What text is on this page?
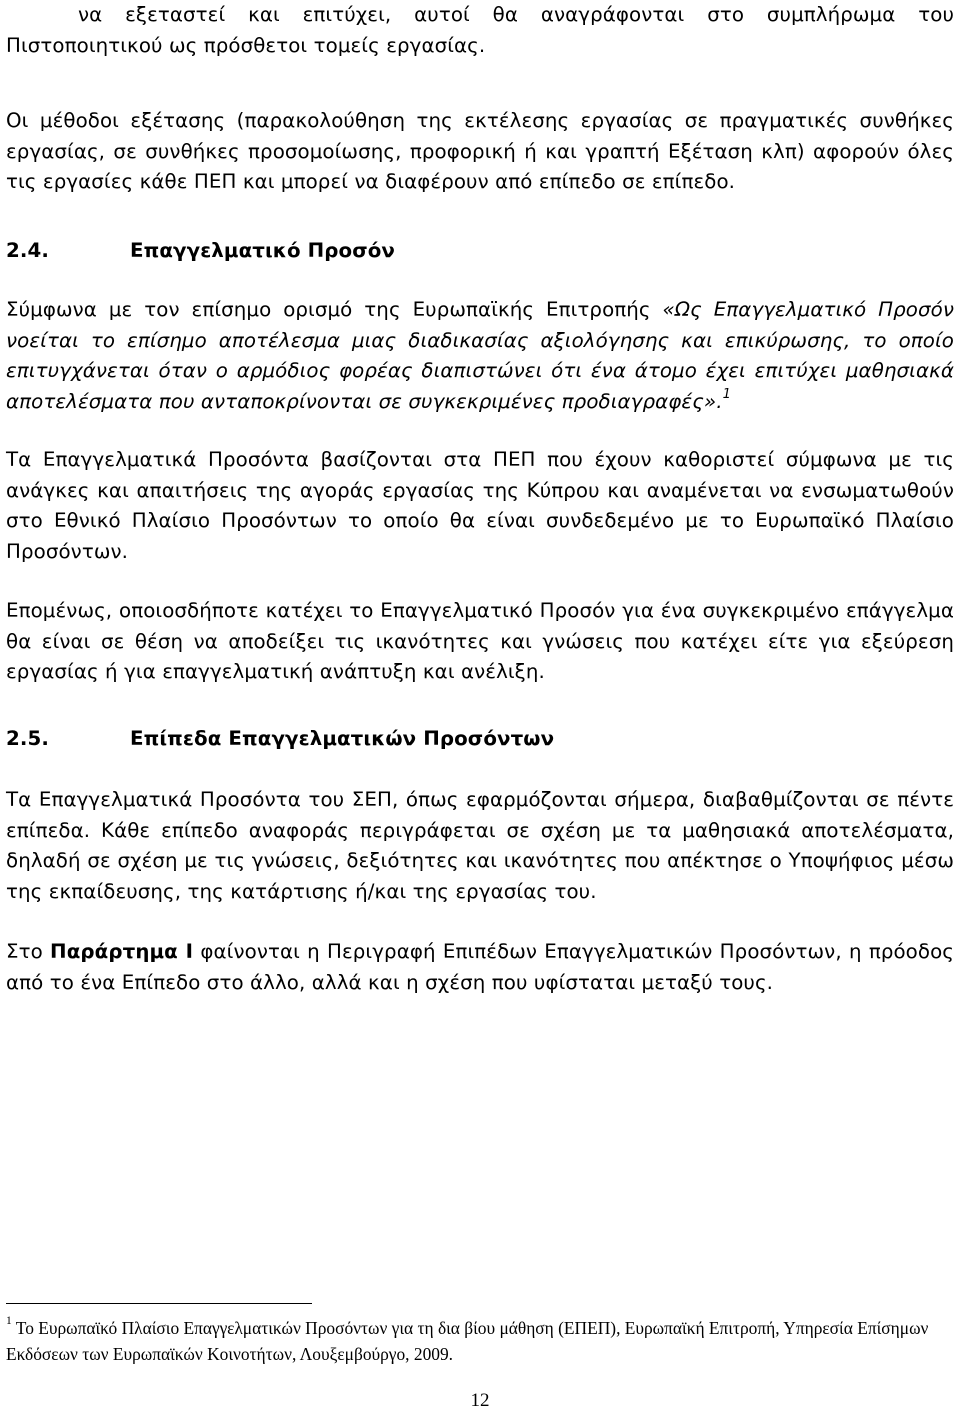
να εξεταστεί και επιτύχει, αυτοί θα αναγράφονται στο συμπλήρωμα του
Πιστοποιητικού ως πρόσθετοι τομείς εργασίας.

Οι μέθοδοι εξέτασης (παρακολούθηση της εκτέλεσης εργασίας σε πραγματικές συνθήκες εργασίας, σε συνθήκες προσομοίωσης, προφορική ή και γραπτή Εξέταση κλπ) αφορούν όλες τις εργασίες κάθε ΠΕΠ και μπορεί να διαφέρουν από επίπεδο σε επίπεδο.

2.4.	Επαγγελματικό Προσόν

Σύμφωνα με τον επίσημο ορισμό της Ευρωπαϊκής Επιτροπής «Ως Επαγγελματικό Προσόν νοείται το επίσημο αποτέλεσμα μιας διαδικασίας αξιολόγησης και επικύρωσης, το οποίο επιτυγχάνεται όταν ο αρμόδιος φορέας διαπιστώνει ότι ένα άτομο έχει επιτύχει μαθησιακά αποτελέσματα που ανταποκρίνονται σε συγκεκριμένες προδιαγραφές».$^1$

Τα Επαγγελματικά Προσόντα βασίζονται στα ΠΕΠ που έχουν καθοριστεί σύμφωνα με τις ανάγκες και απαιτήσεις της αγοράς εργασίας της Κύπρου και αναμένεται να ενσωματωθούν στο Εθνικό Πλαίσιο Προσόντων το οποίο θα είναι συνδεδεμένο με το Ευρωπαϊκό Πλαίσιο Προσόντων.

Επομένως, οποιοσδήποτε κατέχει το Επαγγελματικό Προσόν για ένα συγκεκριμένο επάγγελμα θα είναι σε θέση να αποδείξει τις ικανότητες και γνώσεις που κατέχει είτε για εξεύρεση εργασίας ή για επαγγελματική ανάπτυξη και ανέλιξη.

2.5.	Επίπεδα Επαγγελματικών Προσόντων

Τα Επαγγελματικά Προσόντα του ΣΕΠ, όπως εφαρμόζονται σήμερα, διαβαθμίζονται σε πέντε επίπεδα. Κάθε επίπεδο αναφοράς περιγράφεται σε σχέση με τα μαθησιακά αποτελέσματα, δηλαδή σε σχέση με τις γνώσεις, δεξιότητες και ικανότητες που απέκτησε ο Υποψήφιος μέσω της εκπαίδευσης, της κατάρτισης ή/και της εργασίας του.

Στο Παράρτημα Ι φαίνονται η Περιγραφή Επιπέδων Επαγγελματικών Προσόντων, η πρόοδος από το ένα Επίπεδο στο άλλο, αλλά και η σχέση που υφίσταται μεταξύ τους.

$^1$ Το Ευρωπαϊκό Πλαίσιο Επαγγελματικών Προσόντων για τη δια βίου μάθηση (ΕΠΕΠ), Ευρωπαϊκή Επιτροπή, Υπηρεσία Επίσημων Εκδόσεων των Ευρωπαϊκών Κοινοτήτων, Λουξεμβούργο, 2009.

12
